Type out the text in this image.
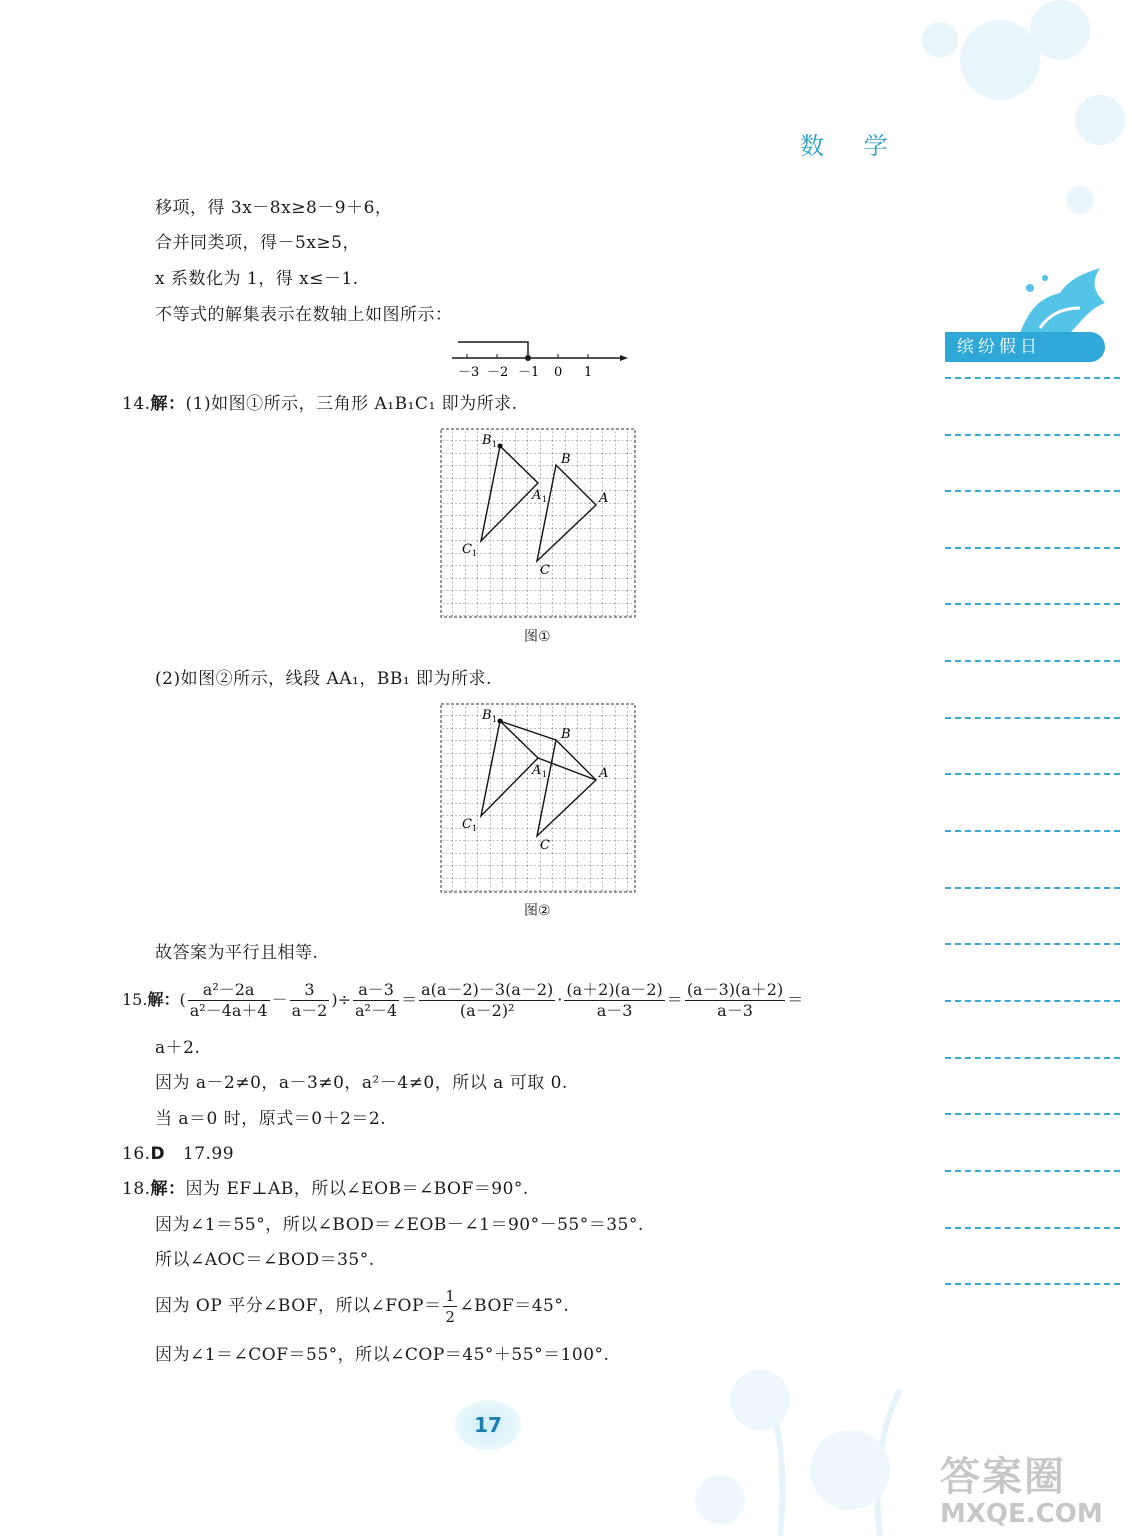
数 学
缤纷假日
移项，得 3x－8x≥8－9＋6，
合并同类项，得－5x≥5，
x 系数化为 1，得 x≤－1.
不等式的解集表示在数轴上如图所示：
－3 －2 －1 0 1
14.解：(1)如图①所示，三角形 A₁B₁C₁ 即为所求.
B 1
B
A 1	A
C 1
C
图①
(2)如图②所示，线段 AA₁，BB₁ 即为所求.
B 1
B
A 1	A
C 1
C
图②
故答案为平行且相等.
15.解：( $\frac{\text{a²－2a}}{\text{a²－4a＋4}} - \frac{3}{a-2}$ )÷ $\frac{a-3}{\text{a²－4}} = \frac{a(a-2)-3(a-2)}{\text{(a－2)²}} \cdot \frac{(a+2)(a-2)}{a-3} = \frac{(a-3)(a+2)}{a-3}$ ＝
a＋2.
因为 a－2≠0，a－3≠0，a²－4≠0，所以 a 可取 0.
当 a＝0 时，原式＝0＋2＝2.
16.D 17.99
18.解：因为 EF⊥AB，所以∠EOB＝∠BOF＝90°.
因为∠1＝55°，所以∠BOD＝∠EOB－∠1＝90°－55°＝35°.
所以∠AOC＝∠BOD＝35°.
因为 OP 平分∠BOF，所以∠FOP＝ $\frac{1}{2}$ ∠BOF＝45°.
因为∠1＝∠COF＝55°，所以∠COP＝45°＋55°＝100°.
17
答案圈
MXQE.COM
